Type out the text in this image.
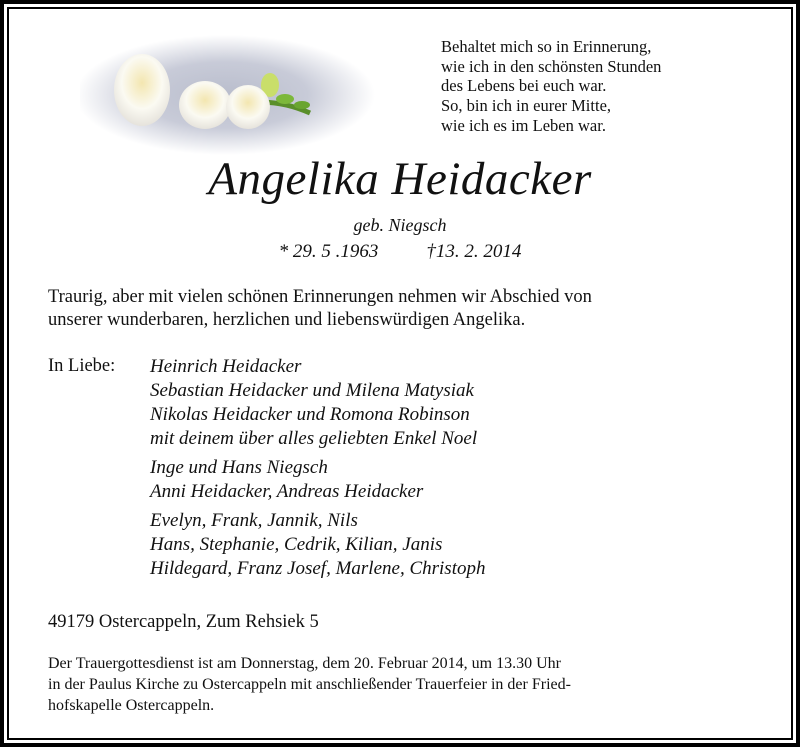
Behaltet mich so in Erinnerung,
wie ich in den schönsten Stunden
des Lebens bei euch war.
So, bin ich in eurer Mitte,
wie ich es im Leben war.
Angelika Heidacker
geb. Niegsch
* 29. 5 .1963	†13. 2. 2014
Traurig, aber mit vielen schönen Erinnerungen nehmen wir Abschied von
unserer wunderbaren, herzlichen und liebenswürdigen Angelika.
In Liebe: Heinrich Heidacker
Sebastian Heidacker und Milena Matysiak
Nikolas Heidacker und Romona Robinson
mit deinem über alles geliebten Enkel Noel
Inge und Hans Niegsch
Anni Heidacker, Andreas Heidacker
Evelyn, Frank, Jannik, Nils
Hans, Stephanie, Cedrik, Kilian, Janis
Hildegard, Franz Josef, Marlene, Christoph
49179 Ostercappeln, Zum Rehsiek 5
Der Trauergottesdienst ist am Donnerstag, dem 20. Februar 2014, um 13.30 Uhr
in der Paulus Kirche zu Ostercappeln mit anschließender Trauerfeier in der Fried-
hofskapelle Ostercappeln.
